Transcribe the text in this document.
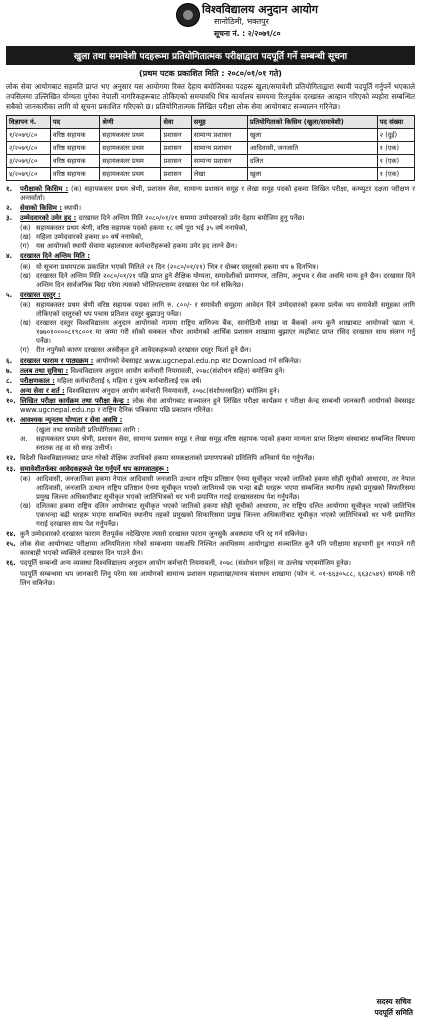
विश्वविद्यालय अनुदान आयोग
सानोठिमी, भक्तपुर
सूचना नं. : २/२०७९/८०
खुला तथा समावेशी पदहरूमा प्रतियोगितात्मक परीक्षाद्वारा पदपूर्ति गर्ने सम्बन्धी सूचना
(प्रथम पटक प्रकाशित मिति : २०८०/०१/०१ गते)
लोक सेवा आयोगबाट सहमति प्राप्त भए अनुसार यस आयोगमा रिक्त देहाय बमोजिमका पदहरू खुला/समावेशी प्रतियोगिताद्वारा स्थायी पदपूर्ति गर्नुपर्ने भएकाले तपसिलमा उल्लिखित योग्यता पुगेका नेपाली नागरिकहरूबाट तोकिएको समयावधि भित्र कार्यालय समयमा रितपूर्वक दरखास्त आव्हान गरिएको व्यहोरा सम्बन्धित सबैको जानकारीका लागि यो सूचना प्रकाशित गरिएको छ। प्रतियोगितात्मक लिखित परीक्षा लोक सेवा आयोगबाट सञ्चालन गरिनेछ।
विज्ञापन नं.	पद	श्रेणी	सेवा	समूह	प्रतियोगिताको किसिम (खुला/समावेशी)	पद संख्या
१/२०७९/८०	वरिष्ठ सहायक	सहायकस्तर प्रथम	प्रशासन	सामान्य प्रशासन	खुला	२ (दुई)
२/२०७९/८०	वरिष्ठ सहायक	सहायकस्तर प्रथम	प्रशासन	सामान्य प्रशासन	आदिवासी, जनजाति	१ (एक)
३/२०७९/८०	वरिष्ठ सहायक	सहायकस्तर प्रथम	प्रशासन	सामान्य प्रशासन	दलित	१ (एक)
४/२०७९/८०	वरिष्ठ सहायक	सहायकस्तर प्रथम	प्रशासन	लेखा	खुला	१ (एक)
१.	परीक्षाको किसिम : (क) सहायकस्तर प्रथम श्रेणी, प्रशासन सेवा, सामान्य प्रशासन समूह र लेखा समूह पदको हकमा लिखित परीक्षा, कम्प्युटर दक्षता परीक्षण र अन्तर्वार्ता।
२.	सेवाको किसिम : स्थायी।
३.	उम्मेदवारको उमेर हद : दरखास्त दिने अन्तिम मिति २०८०/०१/२१ सम्ममा उम्मेदवारको उमेर देहाय बमोजिम हुनु पर्नेछ।
(क) सहायकस्तर प्रथम श्रेणी, वरिष्ठ सहायक पदको हकमा १८ वर्ष पूरा भई ३५ वर्ष ननाघेको,
(ख) महिला उम्मेदवारको हकमा ४० वर्ष ननाघेको,
(ग)	यस आयोगको स्थायी सेवामा बहालवाला कर्मचारीहरूको हकमा उमेर हद लाग्ने छैन।
४.	दरखास्त दिने अन्तिम मिति :
(क) यो सूचना प्रथमपटक प्रकाशित भएको मितिले २१ दिन (२०८०/०१/२१) भित्र र दोब्बर दस्तुरको हकमा थप ७ दिनभित्र।
(ख) दरखास्त दिने अन्तिम मिति २०८०/०१/२१ पछि प्राप्त हुने शैक्षिक योग्यता, समावेशीको प्रमाणपत्र, तालिम, अनुभव र सेवा अवधि मान्य हुने छैन। दरखास्त दिने अन्तिम दिन सार्वजनिक बिदा परेमा त्यसको भोलिपल्टसम्म दरखास्त पेश गर्न सकिनेछ।
५.	दरखास्त दस्तुर :
(क) सहायकस्तर प्रथम श्रेणी वरिष्ठ सहायक पदका लागि रु. ८००/- र समावेशी समूहमा आवेदन दिने उम्मेदवारको हकमा प्रत्येक थप समावेशी समूहका लागि तोकिएको दस्तुरको थप पचास प्रतिशत दस्तुर बुझाउनु पर्नेछ।
(ख) दरखास्त दस्तुर विश्वविद्यालय अनुदान आयोगको नाममा राष्ट्रिय वाणिज्य बैंक, सानोठिमी शाखा वा बैंकको अन्य कुनै शाखाबाट आयोगको खाता नं. १७७०१००००८१९८००१ मा जम्मा गरी सोको सक्कल भौचर आयोगको आर्थिक प्रशासन शाखामा बुझाएर त्यहाँबाट प्राप्त रसिद दरखास्त साथ संलग्न गर्नु पर्नेछ।
(ग)	रीत नपुगेको कारण दरखास्त अस्वीकृत हुने आवेदकहरूको दरखास्त दस्तुर फिर्ता हुने छैन।
६.	दरखास्त फाराम र पाठ्यक्रम : आयोगको वेबसाइट www.ugcnepal.edu.np बाट Download गर्न सकिनेछ।
७.	तलब तथा सुविधा : विश्वविद्यालय अनुदान आयोग कर्मचारी नियमावली, २०७८(संशोधन सहित) बमोजिम हुने।
८.	परीक्षणकाल : महिला कर्मचारीलाई ६ महिना र पुरुष कर्मचारीलाई एक वर्ष।
९.	अन्य सेवा र शर्त : विश्वविद्यालय अनुदान आयोग कर्मचारी नियमावली, २०७८(संशोधनसहित) बमोजिम हुने।
१०. लिखित परीक्षा कार्यक्रम तथा परीक्षा केन्द्र : लोक सेवा आयोगबाट सञ्चालन हुने लिखित परीक्षा कार्यक्रम र परीक्षा केन्द्र सम्बन्धी जानकारी आयोगको वेबसाइट www.ugcnepal.edu.np र राष्ट्रिय दैनिक पत्रिकामा पछि प्रकाशन गरिनेछ।
११. आवश्यक न्यूनतम योग्यता र सेवा अवधि :
(खुला तथा समावेशी प्रतियोगिताका लागि :
अ.	सहायकस्तर प्रथम श्रेणी, प्रशासन सेवा, सामान्य प्रशासन समूह र लेखा समूह वरिष्ठ सहायक पदको हकमा मान्यता प्राप्त शिक्षण संस्थाबाट सम्बन्धित विषयमा स्नातक तह वा सो सरह उत्तीर्ण।
१२. विदेशी विश्वविद्यालयबाट प्राप्त गरेको शैक्षिक उपाधिको हकमा समकक्षताको प्रमाणपत्रको प्रतिलिपि अनिवार्य पेश गर्नुपर्नेछ।
१३. समावेशीतर्फका आवेदकहरूले पेश गर्नुपर्ने थप कागजातहरू :
(क) आदिवासी, जनजातिका हकमा नेपाल आदिवासी जनजाति उत्थान राष्ट्रिय प्रतिष्ठान ऐनमा सूचीकृत भएको जातिको हकमा सोही सूचीको आधारमा, तर नेपाल आदिवासी, जनजाति उत्थान राष्ट्रिय प्रतिष्ठान ऐनमा सूचीकृत भएको जातिमध्ये एक भन्दा बढी थरहरू भएमा सम्बन्धित स्थानीय तहको प्रमुखको सिफारिसमा प्रमुख जिल्ला अधिकारीबाट सूचीकृत भएको जातिभित्रको थर भनी प्रमाणित गराई दरखास्तसाथ पेश गर्नुपर्नेछ।
(ख) दलितका हकमा राष्ट्रिय दलित आयोगबाट सूचीकृत भएको जातिको हकमा सोही सूचीको आधारमा, तर राष्ट्रिय दलित आयोगमा सूचीकृत भएको जातिभित्र एकभन्दा बढी थरहरू भएमा सम्बन्धित स्थानीय तहको प्रमुखको सिफारिसमा प्रमुख जिल्ला अधिकारीबाट सूचीकृत भएको जातिभित्रको थर भनी प्रमाणित गराई दरखास्त साथ पेश गर्नुपर्नेछ।
१४. कुनै उम्मेदवारको दरखास्त फाराम रीतपूर्वक नदेखिएमा त्यस्तो दरखास्त फाराम जुनसुकै अवस्थामा पनि रद्द गर्न सकिनेछ।
१५. लोक सेवा आयोगबाट परीक्षामा अनियमितता गरेको सम्बन्धमा यसअघि निश्चित अवधिसम्म आयोगद्वारा सञ्चालित कुनै पनि परीक्षामा सहभागी हुन नपाउने गरी कारबाही भएको व्यक्तिले दरखास्त दिन पाउने छैन।
१६. पदपूर्ति सम्बन्धी अन्य व्यवस्था विश्वविद्यालय अनुदान आयोग कर्मचारी नियमावली, २०७८ (संशोधन सहित) मा उल्लेख भएबमोजिम हुनेछ।
पदपूर्ति सम्बन्धमा थप जानकारी लिनु परेमा यस आयोगको सामान्य प्रशासन महाशाखा/मानव संशाधन शाखामा (फोन नं. ०१-६६३०५८८, ६६३८५४९) सम्पर्क गरी लिन सकिनेछ।
सदस्य सचिव
पदपूर्ति समिति
